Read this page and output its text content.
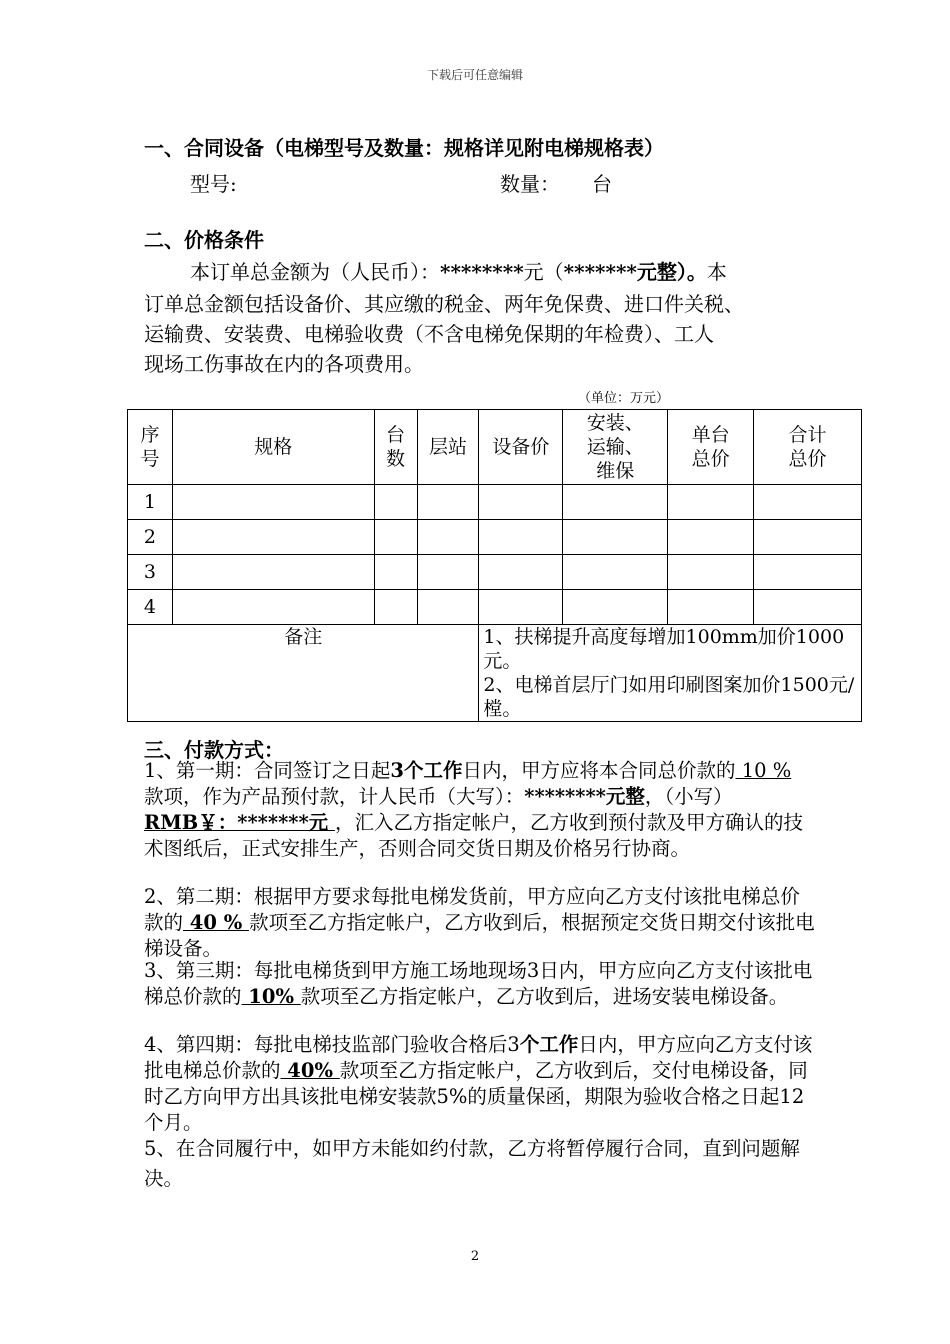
下载后可任意编辑
一、合同设备（电梯型号及数量：规格详见附电梯规格表）
型号:	数量： 台
二、价格条件
本订单总金额为（人民币）：********元（*******元整）。本
订单总金额包括设备价、其应缴的税金、两年免保费、进口件关税、
运输费、安装费、电梯验收费（不含电梯免保期的年检费）、工人
现场工伤事故在内的各项费用。
（单位：万元）
序号	规格	台数	层站	设备价	安装、运输、维保	单台总价	合计总价

1							
2							
3							
4							
备注				1、扶梯提升高度每增加100mm加价1000元。
2、电梯首层厅门如用印刷图案加价1500元/樘。			
三、付款方式：
1、第一期：合同签订之日起3个工作日内，甲方应将本合同总价款的 10 % 款项，作为产品预付款，计人民币（大写）：********元整，（小写） RMB￥：*******元 ，汇入乙方指定帐户，乙方收到预付款及甲方确认的技术图纸后，正式安排生产，否则合同交货日期及价格另行协商。
2、第二期：根据甲方要求每批电梯发货前，甲方应向乙方支付该批电梯总价款的 40 % 款项至乙方指定帐户，乙方收到后，根据预定交货日期交付该批电梯设备。
3、第三期：每批电梯货到甲方施工场地现场3日内，甲方应向乙方支付该批电梯总价款的 10% 款项至乙方指定帐户，乙方收到后，进场安装电梯设备。
4、第四期：每批电梯技监部门验收合格后3个工作日内，甲方应向乙方支付该批电梯总价款的 40% 款项至乙方指定帐户，乙方收到后，交付电梯设备，同时乙方向甲方出具该批电梯安装款5%的质量保函，期限为验收合格之日起12个月。
5、在合同履行中，如甲方未能如约付款，乙方将暂停履行合同，直到问题解决。
2
